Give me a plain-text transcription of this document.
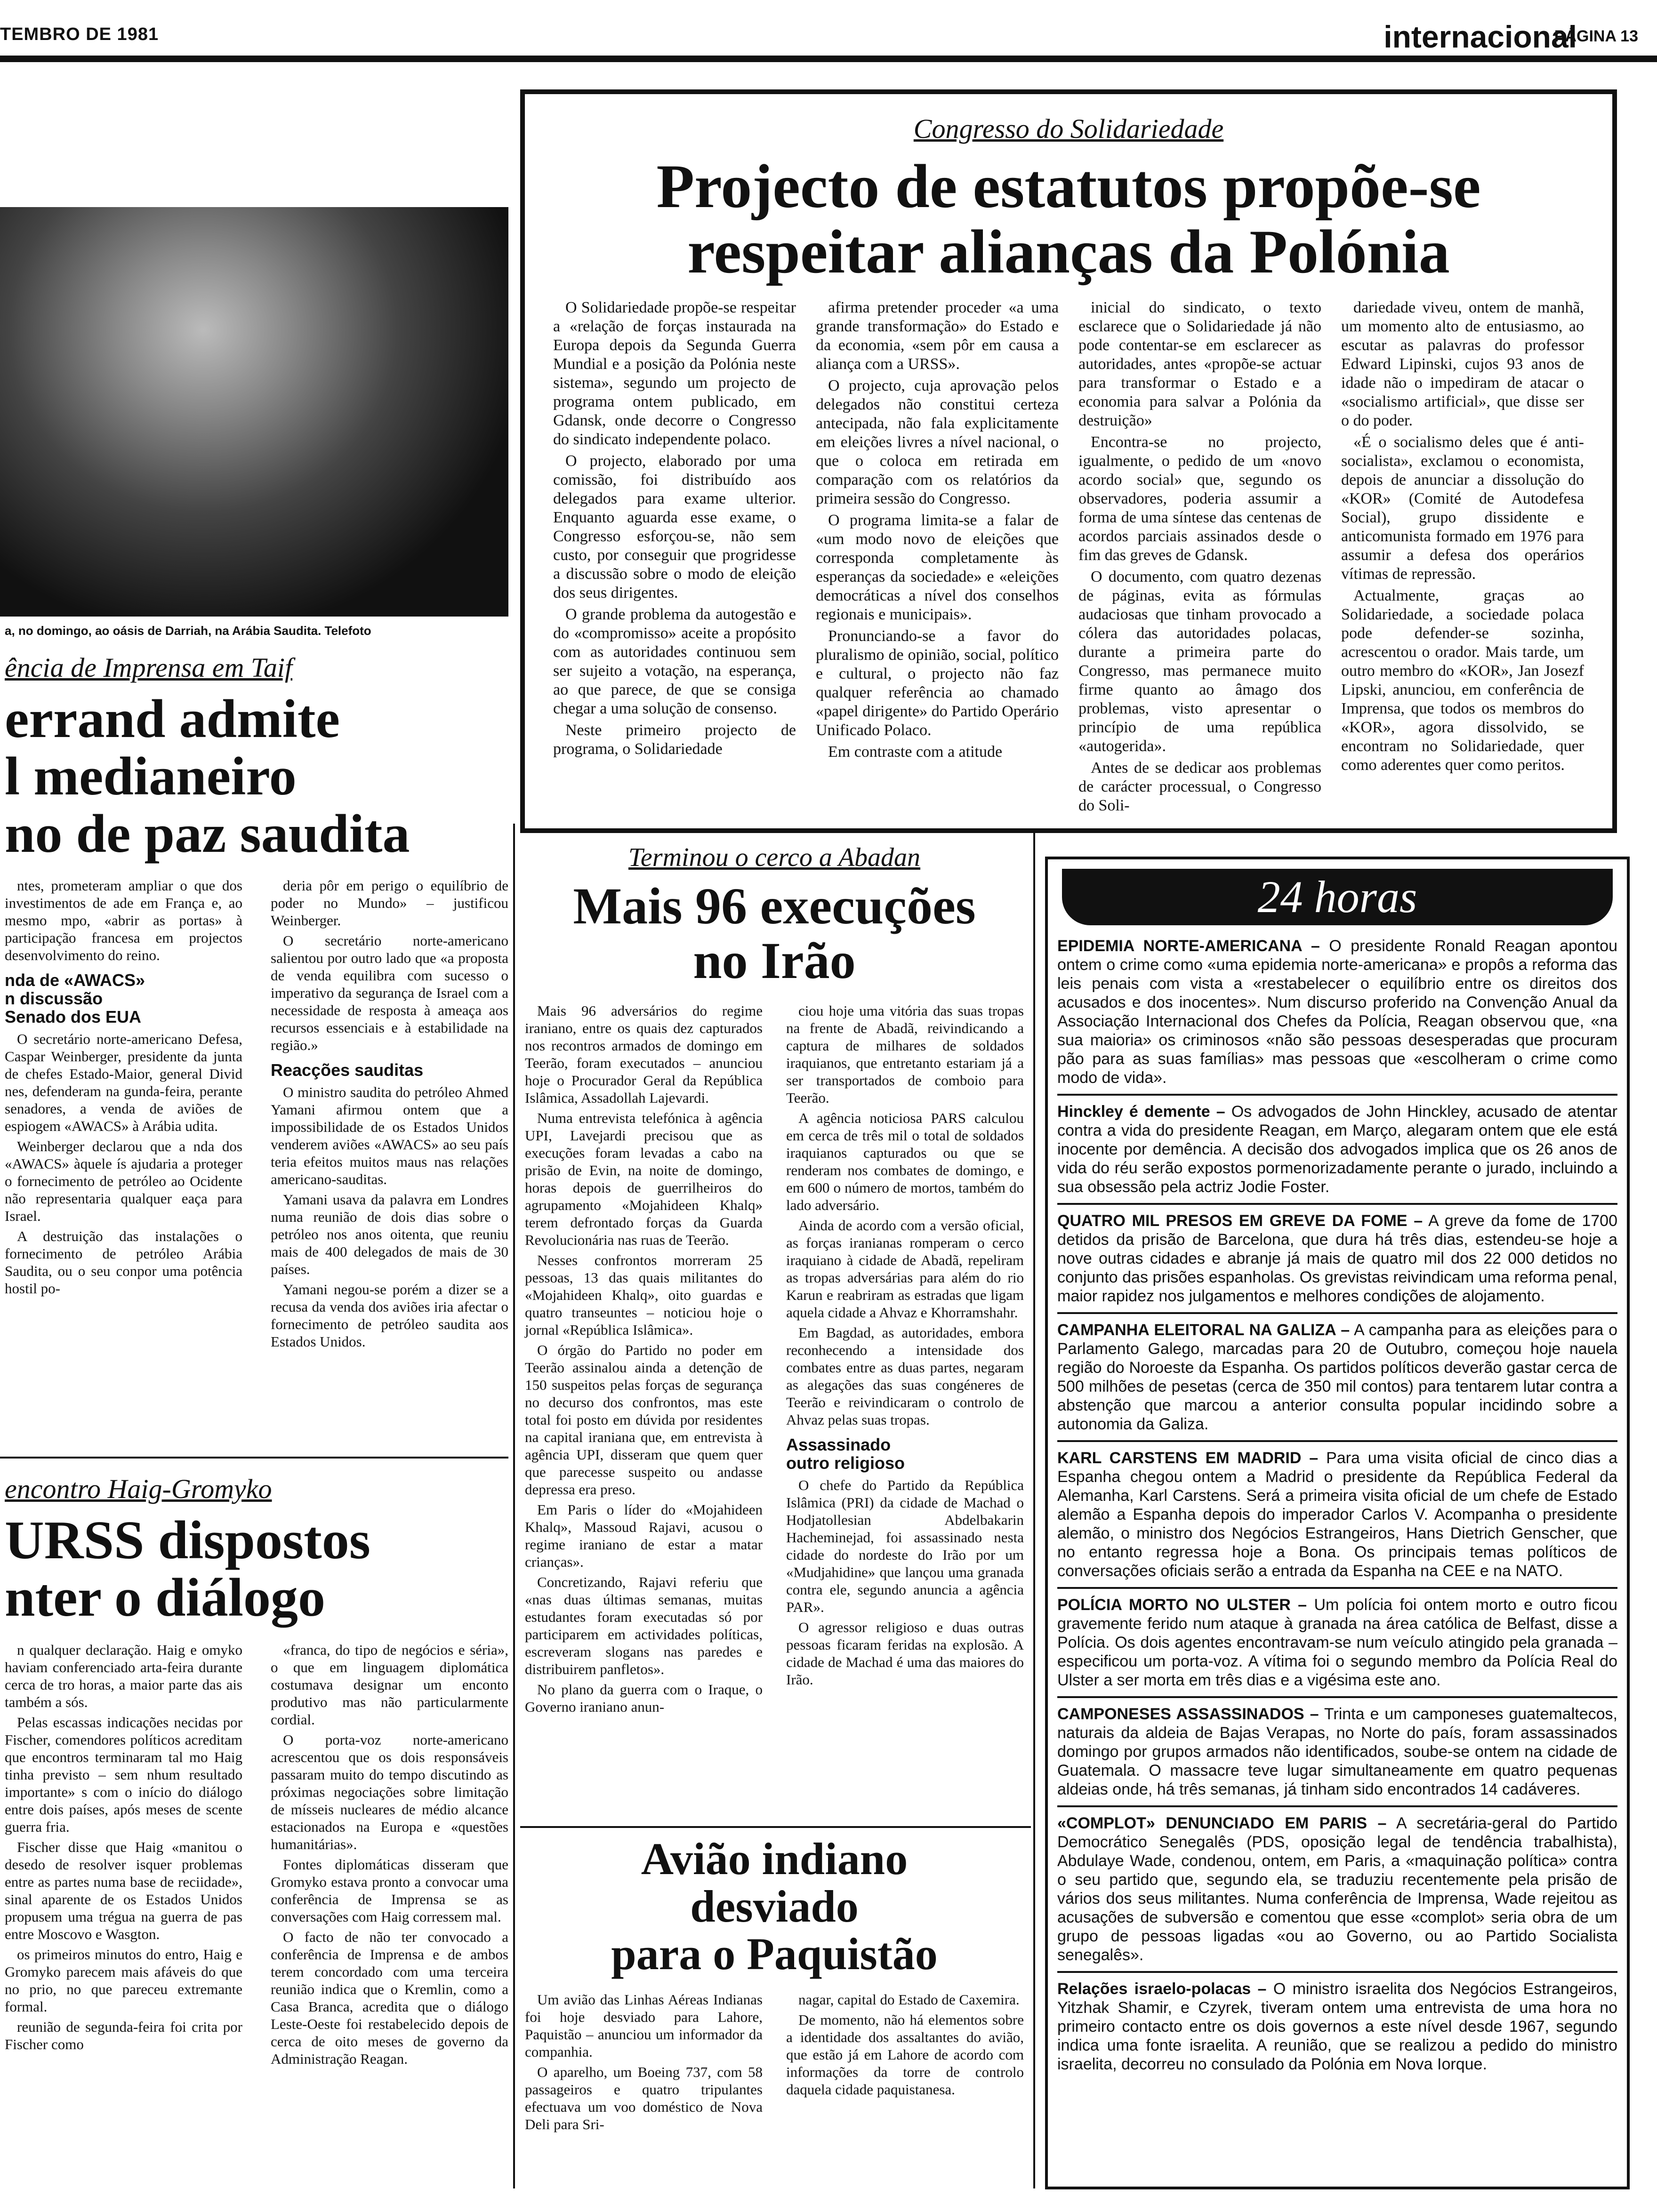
TEMBRO DE 1981	internacional
PÁGINA 13
Congresso do Solidariedade
Projecto de estatutos propõe-se
respeitar alianças da Polónia

O Solidariedade propõe-se respeitar a «relação de forças instaurada na Europa depois da Segunda Guerra Mundial e a posição da Polónia neste sistema», segundo um projecto de programa ontem publicado, em Gdansk, onde decorre o Congresso do sindicato independente polaco.

O projecto, elaborado por uma comissão, foi distribuído aos delegados para exame ulterior. Enquanto aguarda esse exame, o Congresso esforçou-se, não sem custo, por conseguir que progridesse a discussão sobre o modo de eleição dos seus dirigentes.

O grande problema da autogestão e do «compromisso» aceite a propósito com as autoridades continuou sem ser sujeito a votação, na esperança, ao que parece, de que se consiga chegar a uma solução de consenso.

Neste primeiro projecto de programa, o Solidariedade

afirma pretender proceder «a uma grande transformação» do Estado e da economia, «sem pôr em causa a aliança com a URSS».

O projecto, cuja aprovação pelos delegados não constitui certeza antecipada, não fala explicitamente em eleições livres a nível nacional, o que o coloca em retirada em comparação com os relatórios da primeira sessão do Congresso.

O programa limita-se a falar de «um modo novo de eleições que corresponda completamente às esperanças da sociedade» e «eleições democráticas a nível dos conselhos regionais e municipais».

Pronunciando-se a favor do pluralismo de opinião, social, político e cultural, o projecto não faz qualquer referência ao chamado «papel dirigente» do Partido Operário Unificado Polaco.

Em contraste com a atitude

inicial do sindicato, o texto esclarece que o Solidariedade já não pode contentar-se em esclarecer as autoridades, antes «propõe-se actuar para transformar o Estado e a economia para salvar a Polónia da destruição»

Encontra-se no projecto, igualmente, o pedido de um «novo acordo social» que, segundo os observadores, poderia assumir a forma de uma síntese das centenas de acordos parciais assinados desde o fim das greves de Gdansk.

O documento, com quatro dezenas de páginas, evita as fórmulas audaciosas que tinham provocado a cólera das autoridades polacas, durante a primeira parte do Congresso, mas permanece muito firme quanto ao âmago dos problemas, visto apresentar o princípio de uma república «autogerida».

Antes de se dedicar aos problemas de carácter processual, o Congresso do Soli-

dariedade viveu, ontem de manhã, um momento alto de entusiasmo, ao escutar as palavras do professor Edward Lipinski, cujos 93 anos de idade não o impediram de atacar o «socialismo artificial», que disse ser o do poder.

«É o socialismo deles que é anti-socialista», exclamou o economista, depois de anunciar a dissolução do «KOR» (Comité de Autodefesa Social), grupo dissidente e anticomunista formado em 1976 para assumir a defesa dos operários vítimas de repressão.

Actualmente, graças ao Solidariedade, a sociedade polaca pode defender-se sozinha, acrescentou o orador. Mais tarde, um outro membro do «KOR», Jan Josezf Lipski, anunciou, em conferência de Imprensa, que todos os membros do «KOR», agora dissolvido, se encontram no Solidariedade, quer como aderentes quer como peritos.

a, no domingo, ao oásis de Darriah, na Arábia Saudita. Telefoto
ência de Imprensa em Taif
errand admite
l medianeiro
no de paz saudita

ntes, prometeram ampliar o que dos investimentos de ade em França e, ao mesmo mpo, «abrir as portas» à participação francesa em projectos desenvolvimento do reino.

nda de «AWACS»
n discussão
Senado dos EUA

O secretário norte-americano Defesa, Caspar Weinberger, presidente da junta de chefes Estado-Maior, general Divid nes, defenderam na gunda-feira, perante senadores, a venda de aviões de espiogem «AWACS» à Arábia udita.

Weinberger declarou que a nda dos «AWACS» àquele ís ajudaria a proteger o fornecimento de petróleo ao Ocidente não representaria qualquer eaça para Israel.

A destruição das instalações o fornecimento de petróleo Arábia Saudita, ou o seu conpor uma potência hostil po-

deria pôr em perigo o equilíbrio de poder no Mundo» – justificou Weinberger.

O secretário norte-americano salientou por outro lado que «a proposta de venda equilibra com sucesso o imperativo da segurança de Israel com a necessidade de resposta à ameaça aos recursos essenciais e à estabilidade na região.»

Reacções sauditas

O ministro saudita do petróleo Ahmed Yamani afirmou ontem que a impossibilidade de os Estados Unidos venderem aviões «AWACS» ao seu país teria efeitos muitos maus nas relações americano-sauditas.

Yamani usava da palavra em Londres numa reunião de dois dias sobre o petróleo nos anos oitenta, que reuniu mais de 400 delegados de mais de 30 países.

Yamani negou-se porém a dizer se a recusa da venda dos aviões iria afectar o fornecimento de petróleo saudita aos Estados Unidos.

encontro Haig-Gromyko
URSS dispostos
nter o diálogo

n qualquer declaração. Haig e omyko haviam conferenciado arta-feira durante cerca de tro horas, a maior parte das ais também a sós.

Pelas escassas indicações necidas por Fischer, comendores políticos acreditam que encontros terminaram tal mo Haig tinha previsto – sem nhum resultado importante» s com o início do diálogo entre dois países, após meses de scente guerra fria.

Fischer disse que Haig «manitou o desedo de resolver isquer problemas entre as partes numa base de reciidade», sinal aparente de os Estados Unidos propusem uma trégua na guerra de pas entre Moscovo e Wasgton.

os primeiros minutos do entro, Haig e Gromyko parecem mais afáveis do que no prio, no que pareceu extremante formal.

reunião de segunda-feira foi crita por Fischer como

«franca, do tipo de negócios e séria», o que em linguagem diplomática costumava designar um enconto produtivo mas não particularmente cordial.

O porta-voz norte-americano acrescentou que os dois responsáveis passaram muito do tempo discutindo as próximas negociações sobre limitação de mísseis nucleares de médio alcance estacionados na Europa e «questões humanitárias».

Fontes diplomáticas disseram que Gromyko estava pronto a convocar uma conferência de Imprensa se as conversações com Haig corressem mal.

O facto de não ter convocado a conferência de Imprensa e de ambos terem concordado com uma terceira reunião indica que o Kremlin, como a Casa Branca, acredita que o diálogo Leste-Oeste foi restabelecido depois de cerca de oito meses de governo da Administração Reagan.

Terminou o cerco a Abadan
Mais 96 execuções
no Irão

Mais 96 adversários do regime iraniano, entre os quais dez capturados nos recontros armados de domingo em Teerão, foram executados – anunciou hoje o Procurador Geral da República Islâmica, Assadollah Lajevardi.

Numa entrevista telefónica à agência UPI, Lavejardi precisou que as execuções foram levadas a cabo na prisão de Evin, na noite de domingo, horas depois de guerrilheiros do agrupamento «Mojahideen Khalq» terem defrontado forças da Guarda Revolucionária nas ruas de Teerão.

Nesses confrontos morreram 25 pessoas, 13 das quais militantes do «Mojahideen Khalq», oito guardas e quatro transeuntes – noticiou hoje o jornal «República Islâmica».

O órgão do Partido no poder em Teerão assinalou ainda a detenção de 150 suspeitos pelas forças de segurança no decurso dos confrontos, mas este total foi posto em dúvida por residentes na capital iraniana que, em entrevista à agência UPI, disseram que quem quer que parecesse suspeito ou andasse depressa era preso.

Em Paris o líder do «Mojahideen Khalq», Massoud Rajavi, acusou o regime iraniano de estar a matar crianças».

Concretizando, Rajavi referiu que «nas duas últimas semanas, muitas estudantes foram executadas só por participarem em actividades políticas, escreveram slogans nas paredes e distribuirem panfletos».

No plano da guerra com o Iraque, o Governo iraniano anun-

ciou hoje uma vitória das suas tropas na frente de Abadã, reivindicando a captura de milhares de soldados iraquianos, que entretanto estariam já a ser transportados de comboio para Teerão.

A agência noticiosa PARS calculou em cerca de três mil o total de soldados iraquianos capturados ou que se renderam nos combates de domingo, e em 600 o número de mortos, também do lado adversário.

Ainda de acordo com a versão oficial, as forças iranianas romperam o cerco iraquiano à cidade de Abadã, repeliram as tropas adversárias para além do rio Karun e reabriram as estradas que ligam aquela cidade a Ahvaz e Khorramshahr.

Em Bagdad, as autoridades, embora reconhecendo a intensidade dos combates entre as duas partes, negaram as alegações das suas congéneres de Teerão e reivindicaram o controlo de Ahvaz pelas suas tropas.

Assassinado
outro religioso

O chefe do Partido da República Islâmica (PRI) da cidade de Machad o Hodjatollesian Abdelbakarin Hacheminejad, foi assassinado nesta cidade do nordeste do Irão por um «Mudjahidine» que lançou uma granada contra ele, segundo anuncia a agência PAR».

O agressor religioso e duas outras pessoas ficaram feridas na explosão. A cidade de Machad é uma das maiores do Irão.

Avião indiano
desviado
para o Paquistão

Um avião das Linhas Aéreas Indianas foi hoje desviado para Lahore, Paquistão – anunciou um informador da companhia.

O aparelho, um Boeing 737, com 58 passageiros e quatro tripulantes efectuava um voo doméstico de Nova Deli para Sri-

nagar, capital do Estado de Caxemira.

De momento, não há elementos sobre a identidade dos assaltantes do avião, que estão já em Lahore de acordo com informações da torre de controlo daquela cidade paquistanesa.

24 horas
EPIDEMIA NORTE-AMERICANA – O presidente Ronald Reagan apontou ontem o crime como «uma epidemia norte-americana» e propôs a reforma das leis penais com vista a «restabelecer o equilíbrio entre os direitos dos acusados e dos inocentes». Num discurso proferido na Convenção Anual da Associação Internacional dos Chefes da Polícia, Reagan observou que, «na sua maioria» os criminosos «não são pessoas desesperadas que procuram pão para as suas famílias» mas pessoas que «escolheram o crime como modo de vida».
Hinckley é demente – Os advogados de John Hinckley, acusado de atentar contra a vida do presidente Reagan, em Março, alegaram ontem que ele está inocente por demência. A decisão dos advogados implica que os 26 anos de vida do réu serão expostos pormenorizadamente perante o jurado, incluindo a sua obsessão pela actriz Jodie Foster.
QUATRO MIL PRESOS EM GREVE DA FOME – A greve da fome de 1700 detidos da prisão de Barcelona, que dura há três dias, estendeu-se hoje a nove outras cidades e abranje já mais de quatro mil dos 22 000 detidos no conjunto das prisões espanholas. Os grevistas reivindicam uma reforma penal, maior rapidez nos julgamentos e melhores condições de alojamento.
CAMPANHA ELEITORAL NA GALIZA – A campanha para as eleições para o Parlamento Galego, marcadas para 20 de Outubro, começou hoje nauela região do Noroeste da Espanha. Os partidos políticos deverão gastar cerca de 500 milhões de pesetas (cerca de 350 mil contos) para tentarem lutar contra a abstenção que marcou a anterior consulta popular incidindo sobre a autonomia da Galiza.
KARL CARSTENS EM MADRID – Para uma visita oficial de cinco dias a Espanha chegou ontem a Madrid o presidente da República Federal da Alemanha, Karl Carstens. Será a primeira visita oficial de um chefe de Estado alemão a Espanha depois do imperador Carlos V. Acompanha o presidente alemão, o ministro dos Negócios Estrangeiros, Hans Dietrich Genscher, que no entanto regressa hoje a Bona. Os principais temas políticos de conversações oficiais serão a entrada da Espanha na CEE e na NATO.
POLÍCIA MORTO NO ULSTER – Um polícia foi ontem morto e outro ficou gravemente ferido num ataque à granada na área católica de Belfast, disse a Polícia. Os dois agentes encontravam-se num veículo atingido pela granada – especificou um porta-voz. A vítima foi o segundo membro da Polícia Real do Ulster a ser morta em três dias e a vigésima este ano.
CAMPONESES ASSASSINADOS – Trinta e um camponeses guatemaltecos, naturais da aldeia de Bajas Verapas, no Norte do país, foram assassinados domingo por grupos armados não identificados, soube-se ontem na cidade de Guatemala. O massacre teve lugar simultaneamente em quatro pequenas aldeias onde, há três semanas, já tinham sido encontrados 14 cadáveres.
«COMPLOT» DENUNCIADO EM PARIS – A secretária-geral do Partido Democrático Senegalês (PDS, oposição legal de tendência trabalhista), Abdulaye Wade, condenou, ontem, em Paris, a «maquinação política» contra o seu partido que, segundo ela, se traduziu recentemente pela prisão de vários dos seus militantes. Numa conferência de Imprensa, Wade rejeitou as acusações de subversão e comentou que esse «complot» seria obra de um grupo de pessoas ligadas «ou ao Governo, ou ao Partido Socialista senegalês».
Relações israelo-polacas – O ministro israelita dos Negócios Estrangeiros, Yitzhak Shamir, e Czyrek, tiveram ontem uma entrevista de uma hora no primeiro contacto entre os dois governos a este nível desde 1967, segundo indica uma fonte israelita. A reunião, que se realizou a pedido do ministro israelita, decorreu no consulado da Polónia em Nova Iorque.
